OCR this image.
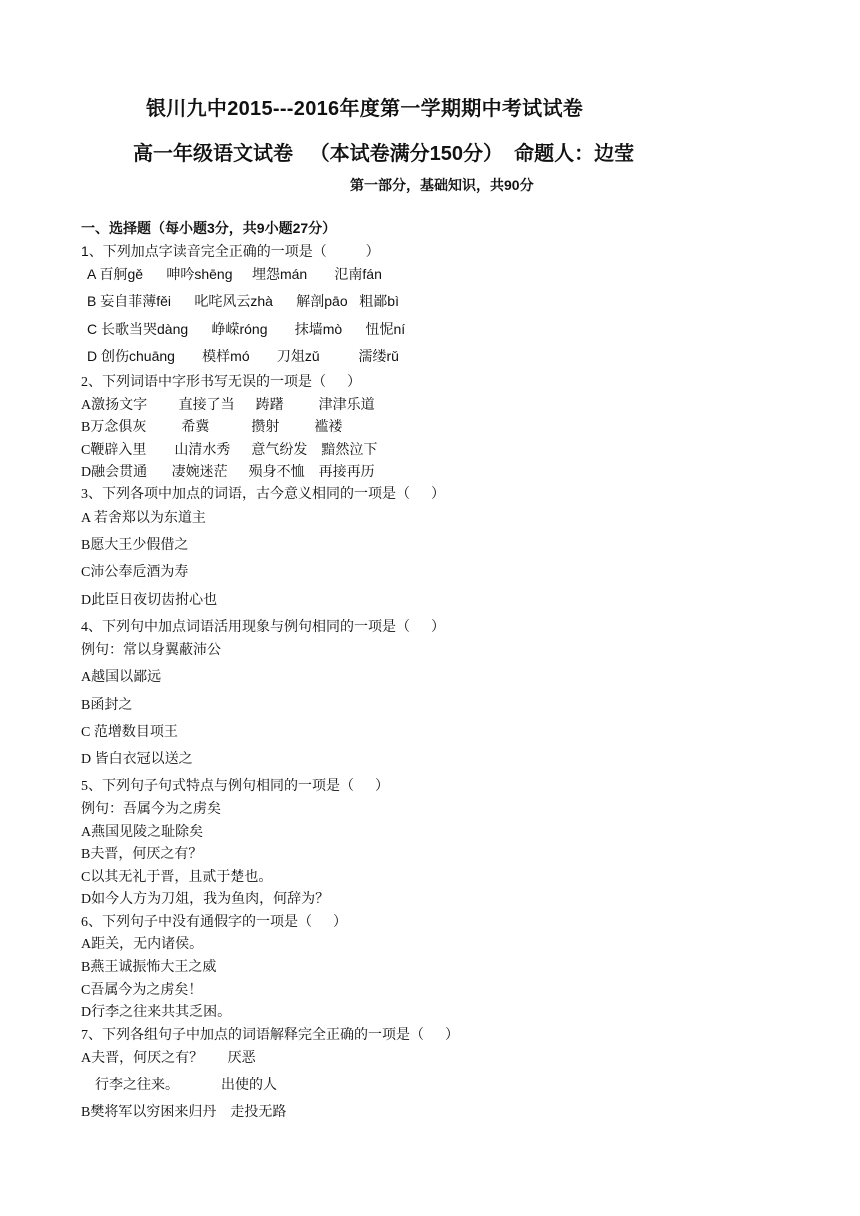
银川九中2015---2016年度第一学期期中考试试卷
高一年级语文试卷   （本试卷满分150分）  命题人：边莹
第一部分，基础知识，共90分
一、选择题（每小题3分，共9小题27分）
1、下列加点字读音完全正确的一项是（          ）
A 百舸gě      呻吟shēng     埋怨mán       氾南fán
B 妄自菲薄fěi      叱咤风云zhà      解剖pāo   粗鄙bì
C 长歌当哭dàng      峥嵘róng       抹墙mò      忸怩ní
D 创伤chuāng       模样mó       刀俎zǔ          濡缕rǔ
2、下列词语中字形书写无误的一项是（      ）
A激扬文字         直接了当      踌躇          津津乐道
B万念俱灰          希冀            攒射          褴褛
C鞭辟入里        山清水秀      意气纷发    黯然泣下
D融会贯通       凄婉迷茫      殒身不恤    再接再历
3、下列各项中加点的词语，古今意义相同的一项是（      ）
A 若舍郑以为东道主
B愿大王少假借之
C沛公奉卮酒为寿
D此臣日夜切齿拊心也
4、下列句中加点词语活用现象与例句相同的一项是（      ）
例句：常以身翼蔽沛公
A越国以鄙远
B函封之
C 范增数目项王
D 皆白衣冠以送之
5、下列句子句式特点与例句相同的一项是（      ）
例句：吾属今为之虏矣
A燕国见陵之耻除矣
B夫晋，何厌之有？
C以其无礼于晋，且贰于楚也。
D如今人方为刀俎，我为鱼肉，何辞为？
6、下列句子中没有通假字的一项是（      ）
A距关，无内诸侯。
B燕王诚振怖大王之威
C吾属今为之虏矣！
D行李之往来共其乏困。
7、下列各组句子中加点的词语解释完全正确的一项是（      ）
A夫晋，何厌之有？       厌恶
行李之往来。            出使的人
B樊将军以穷困来归丹    走投无路
